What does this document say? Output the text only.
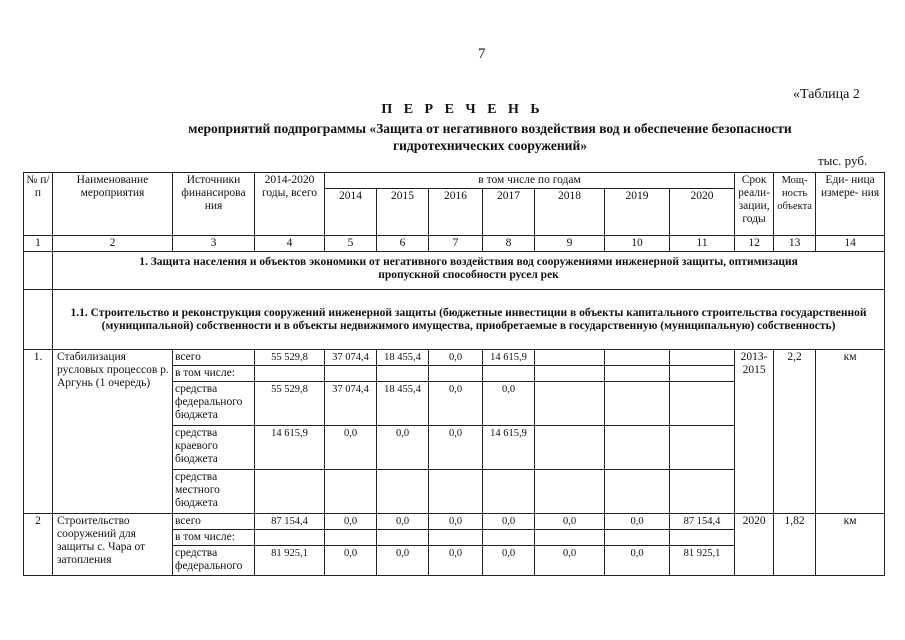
7
«Таблица 2
П Е Р Е Ч Е Н Ь
мероприятий подпрограммы «Защита от негативного воздействия вод и обеспечение безопасности гидротехнических сооружений»
тыс. руб.
№ п/п	Наименование мероприятия	Источники финансирова ния	2014-2020 годы, всего	в том числе по годам							Срок реали- зации, годы	Мощ- ность объекта	Еди- ница измере- ния
				2014	2015	2016	2017	2018	2019	2020			
1	2	3	4	5	6	7	8	9	10	11	12	13	14
	1. Защита населения и объектов экономики от негативного воздействия вод сооружениями инженерной защиты, оптимизация пропускной способности русел рек												
	1.1. Строительство и реконструкция сооружений инженерной защиты (бюджетные инвестиции в объекты капитального строительства государственной (муниципальной) собственности и в объекты недвижимого имущества, приобретаемые в государственную (муниципальную) собственность)												
1.	Стабилизация русловых процессов р. Аргунь (1 очередь)	всего	55 529,8	37 074,4	18 455,4	0,0	14 615,9				2013-2015	2,2	км
		в том числе:											
		средства федерального бюджета	55 529,8	37 074,4	18 455,4	0,0	0,0						
		средства краевого бюджета	14 615,9	0,0	0,0	0,0	14 615,9						
		средства местного бюджета											
2	Строительство сооружений для защиты с. Чара от затопления	всего	87 154,4	0,0	0,0	0,0	0,0	0,0	0,0	87 154,4	2020	1,82	км
		в том числе:											
		средства федерального	81 925,1	0,0	0,0	0,0	0,0	0,0	0,0	81 925,1			
